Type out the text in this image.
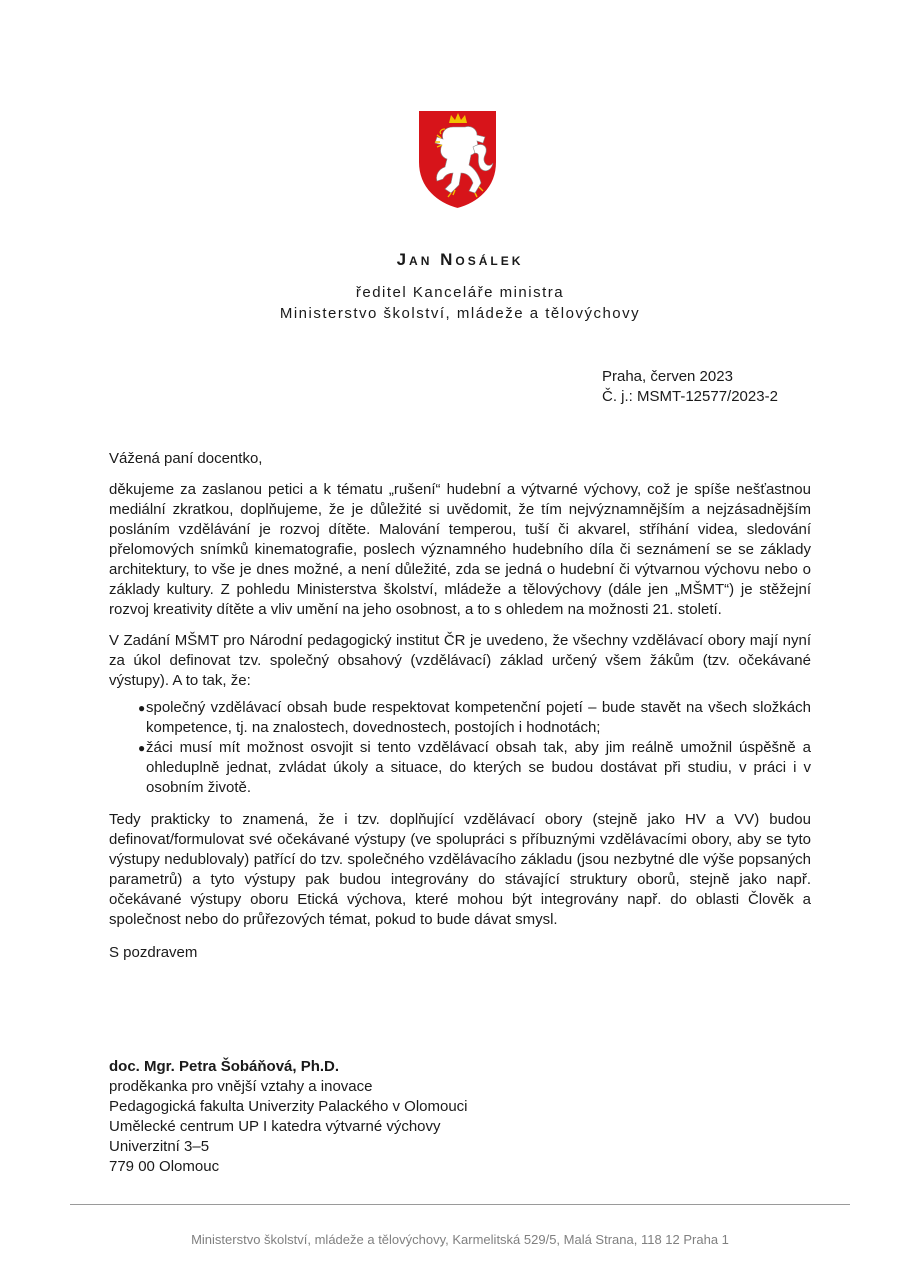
Jan Nosálek
ředitel Kanceláře ministra
Ministerstvo školství, mládeže a tělovýchovy
Praha, červen 2023
Č. j.: MSMT-12577/2023-2
Vážená paní docentko,
děkujeme za zaslanou petici a k tématu „rušení“ hudební a výtvarné výchovy, což je spíše nešťastnou mediální zkratkou, doplňujeme, že je důležité si uvědomit, že tím nejvýznamnějším a nejzásadnějším posláním vzdělávání je rozvoj dítěte. Malování temperou, tuší či akvarel, stříhání videa, sledování přelomových snímků kinematografie, poslech významného hudebního díla či seznámení se se základy architektury, to vše je dnes možné, a není důležité, zda se jedná o hudební či výtvarnou výchovu nebo o základy kultury. Z pohledu Ministerstva školství, mládeže a tělovýchovy (dále jen „MŠMT“) je stěžejní rozvoj kreativity dítěte a vliv umění na jeho osobnost, a to s ohledem na možnosti 21. století.
V Zadání MŠMT pro Národní pedagogický institut ČR je uvedeno, že všechny vzdělávací obory mají nyní za úkol definovat tzv. společný obsahový (vzdělávací) základ určený všem žákům (tzv. očekávané výstupy). A to tak, že:
● společný vzdělávací obsah bude respektovat kompetenční pojetí – bude stavět na všech složkách kompetence, tj. na znalostech, dovednostech, postojích i hodnotách;
● žáci musí mít možnost osvojit si tento vzdělávací obsah tak, aby jim reálně umožnil úspěšně a ohleduplně jednat, zvládat úkoly a situace, do kterých se budou dostávat při studiu, v práci i v osobním životě.
Tedy prakticky to znamená, že i tzv. doplňující vzdělávací obory (stejně jako HV a VV) budou definovat/formulovat své očekávané výstupy (ve spolupráci s příbuznými vzdělávacími obory, aby se tyto výstupy nedublovaly) patřící do tzv. společného vzdělávacího základu (jsou nezbytné dle výše popsaných parametrů) a tyto výstupy pak budou integrovány do stávající struktury oborů, stejně jako např. očekávané výstupy oboru Etická výchova, které mohou být integrovány např. do oblasti Člověk a společnost nebo do průřezových témat, pokud to bude dávat smysl.
S pozdravem
doc. Mgr. Petra Šobáňová, Ph.D.
proděkanka pro vnější vztahy a inovace
Pedagogická fakulta Univerzity Palackého v Olomouci
Umělecké centrum UP I katedra výtvarné výchovy
Univerzitní 3–5
779 00 Olomouc
Ministerstvo školství, mládeže a tělovýchovy, Karmelitská 529/5, Malá Strana, 118 12 Praha 1
